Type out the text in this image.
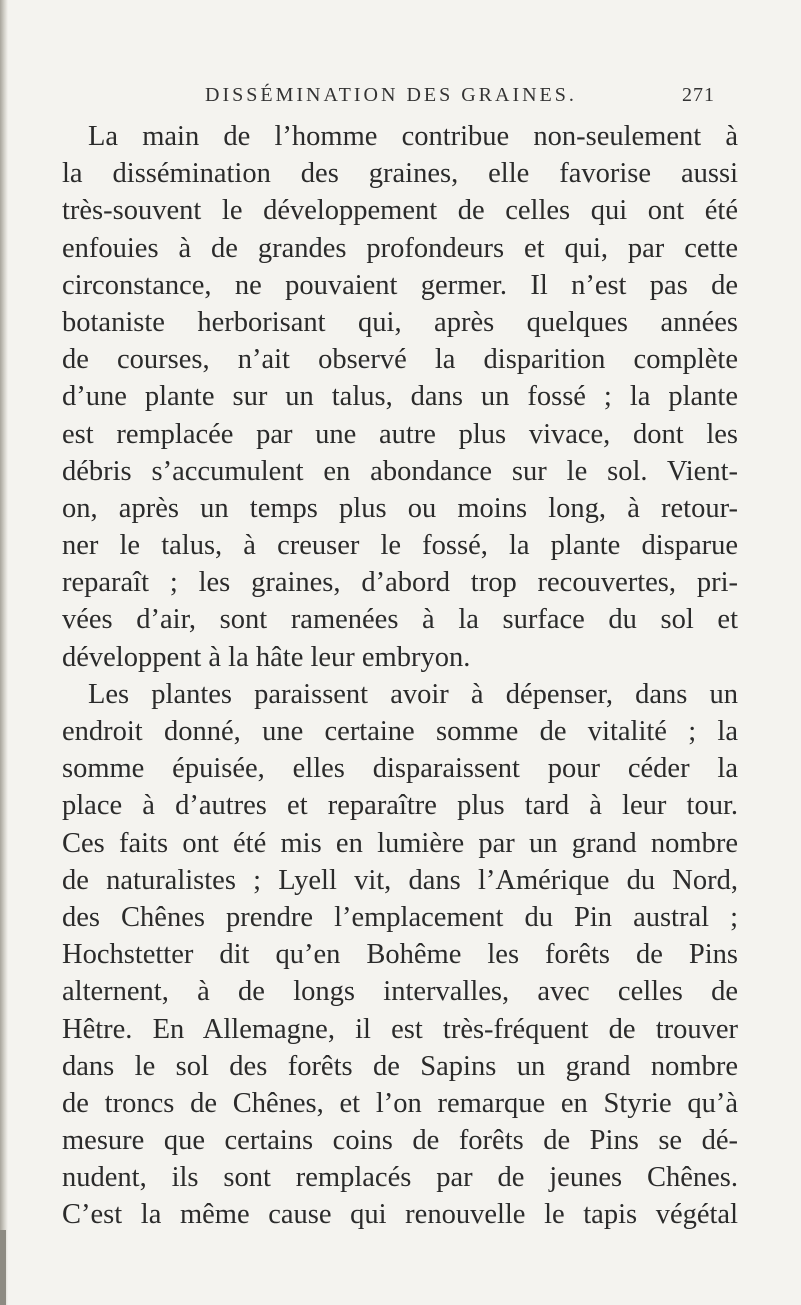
DISSÉMINATION DES GRAINES.	271
La main de l’homme contribue non-seulement à
la dissémination des graines, elle favorise aussi
très-souvent le développement de celles qui ont été
enfouies à de grandes profondeurs et qui, par cette
circonstance, ne pouvaient germer. Il n’est pas de
botaniste herborisant qui, après quelques années
de courses, n’ait observé la disparition complète
d’une plante sur un talus, dans un fossé ; la plante
est remplacée par une autre plus vivace, dont les
débris s’accumulent en abondance sur le sol. Vient-
on, après un temps plus ou moins long, à retour-
ner le talus, à creuser le fossé, la plante disparue
reparaît ; les graines, d’abord trop recouvertes, pri-
vées d’air, sont ramenées à la surface du sol et
développent à la hâte leur embryon.
Les plantes paraissent avoir à dépenser, dans un
endroit donné, une certaine somme de vitalité ; la
somme épuisée, elles disparaissent pour céder la
place à d’autres et reparaître plus tard à leur tour.
Ces faits ont été mis en lumière par un grand nombre
de naturalistes ; Lyell vit, dans l’Amérique du Nord,
des Chênes prendre l’emplacement du Pin austral ;
Hochstetter dit qu’en Bohême les forêts de Pins
alternent, à de longs intervalles, avec celles de
Hêtre. En Allemagne, il est très-fréquent de trouver
dans le sol des forêts de Sapins un grand nombre
de troncs de Chênes, et l’on remarque en Styrie qu’à
mesure que certains coins de forêts de Pins se dé-
nudent, ils sont remplacés par de jeunes Chênes.
C’est la même cause qui renouvelle le tapis végétal
